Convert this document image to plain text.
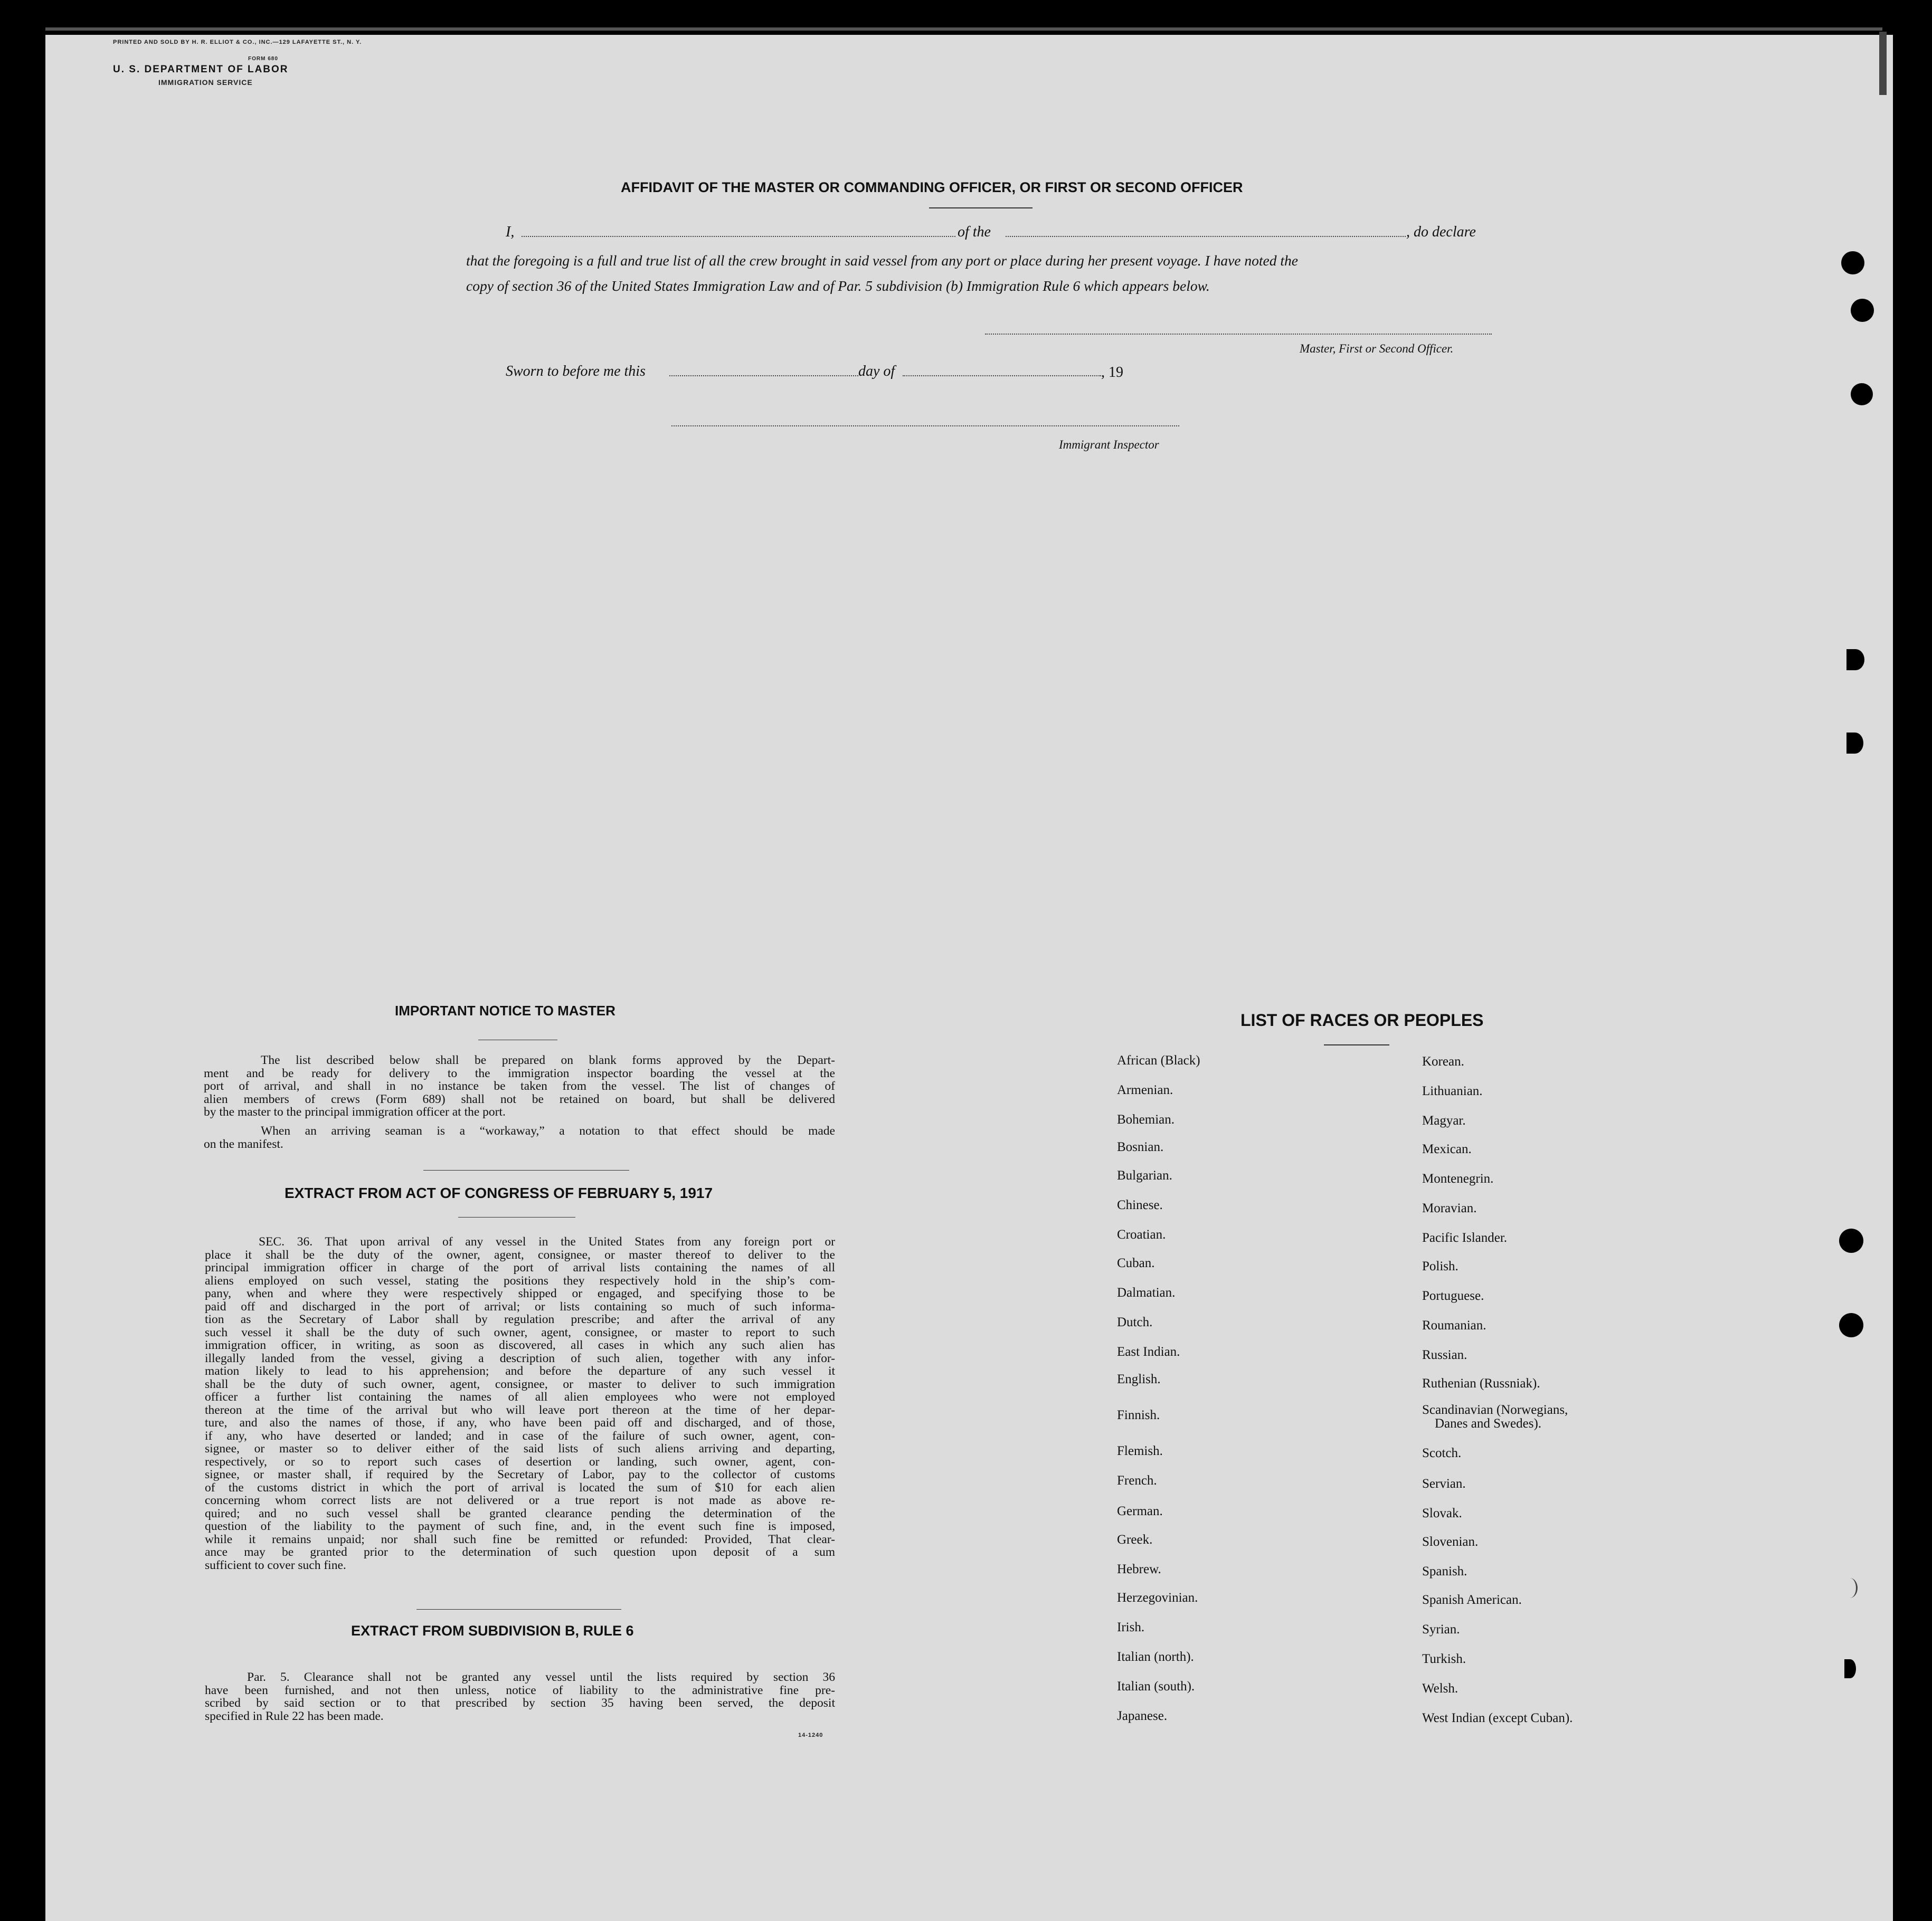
PRINTED AND SOLD BY H. R. ELLIOT & CO., INC.—129 LAFAYETTE ST., N. Y.
FORM 680
U. S. DEPARTMENT OF LABOR
IMMIGRATION SERVICE
AFFIDAVIT OF THE MASTER OR COMMANDING OFFICER, OR FIRST OR SECOND OFFICER
I,	of the	, do declare
that the foregoing is a full and true list of all the crew brought in said vessel from any port or place during her present voyage. I have noted the
copy of section 36 of the United States Immigration Law and of Par. 5 subdivision (b) Immigration Rule 6 which appears below.
Master, First or Second Officer.
Sworn to before me this	day of	, 19
Immigrant Inspector
IMPORTANT NOTICE TO MASTER
The list described below shall be prepared on blank forms approved by the Depart-
ment and be ready for delivery to the immigration inspector boarding the vessel at the
port of arrival, and shall in no instance be taken from the vessel. The list of changes of
alien members of crews (Form 689) shall not be retained on board, but shall be delivered
by the master to the principal immigration officer at the port.
When an arriving seaman is a “workaway,” a notation to that effect should be made
on the manifest.
EXTRACT FROM ACT OF CONGRESS OF FEBRUARY 5, 1917
SEC. 36. That upon arrival of any vessel in the United States from any foreign port or
place it shall be the duty of the owner, agent, consignee, or master thereof to deliver to the
principal immigration officer in charge of the port of arrival lists containing the names of all
aliens employed on such vessel, stating the positions they respectively hold in the ship’s com-
pany, when and where they were respectively shipped or engaged, and specifying those to be
paid off and discharged in the port of arrival; or lists containing so much of such informa-
tion as the Secretary of Labor shall by regulation prescribe; and after the arrival of any
such vessel it shall be the duty of such owner, agent, consignee, or master to report to such
immigration officer, in writing, as soon as discovered, all cases in which any such alien has
illegally landed from the vessel, giving a description of such alien, together with any infor-
mation likely to lead to his apprehension; and before the departure of any such vessel it
shall be the duty of such owner, agent, consignee, or master to deliver to such immigration
officer a further list containing the names of all alien employees who were not employed
thereon at the time of the arrival but who will leave port thereon at the time of her depar-
ture, and also the names of those, if any, who have been paid off and discharged, and of those,
if any, who have deserted or landed; and in case of the failure of such owner, agent, con-
signee, or master so to deliver either of the said lists of such aliens arriving and departing,
respectively, or so to report such cases of desertion or landing, such owner, agent, con-
signee, or master shall, if required by the Secretary of Labor, pay to the collector of customs
of the customs district in which the port of arrival is located the sum of $10 for each alien
concerning whom correct lists are not delivered or a true report is not made as above re-
quired; and no such vessel shall be granted clearance pending the determination of the
question of the liability to the payment of such fine, and, in the event such fine is imposed,
while it remains unpaid; nor shall such fine be remitted or refunded: Provided, That clear-
ance may be granted prior to the determination of such question upon deposit of a sum
sufficient to cover such fine.
EXTRACT FROM SUBDIVISION B, RULE 6
Par. 5. Clearance shall not be granted any vessel until the lists required by section 36
have been furnished, and not then unless, notice of liability to the administrative fine pre-
scribed by said section or to that prescribed by section 35 having been served, the deposit
specified in Rule 22 has been made.
14-1240
LIST OF RACES OR PEOPLES
African (Black)
Armenian.
Bohemian.
Bosnian.
Bulgarian.
Chinese.
Croatian.
Cuban.
Dalmatian.
Dutch.
East Indian.
English.
Finnish.
Flemish.
French.
German.
Greek.
Hebrew.
Herzegovinian.
Irish.
Italian (north).
Italian (south).
Japanese.
Korean.
Lithuanian.
Magyar.
Mexican.
Montenegrin.
Moravian.
Pacific Islander.
Polish.
Portuguese.
Roumanian.
Russian.
Ruthenian (Russniak).
Scandinavian (Norwegians,
Danes and Swedes).
Scotch.
Servian.
Slovak.
Slovenian.
Spanish.
Spanish American.
Syrian.
Turkish.
Welsh.
West Indian (except Cuban).
